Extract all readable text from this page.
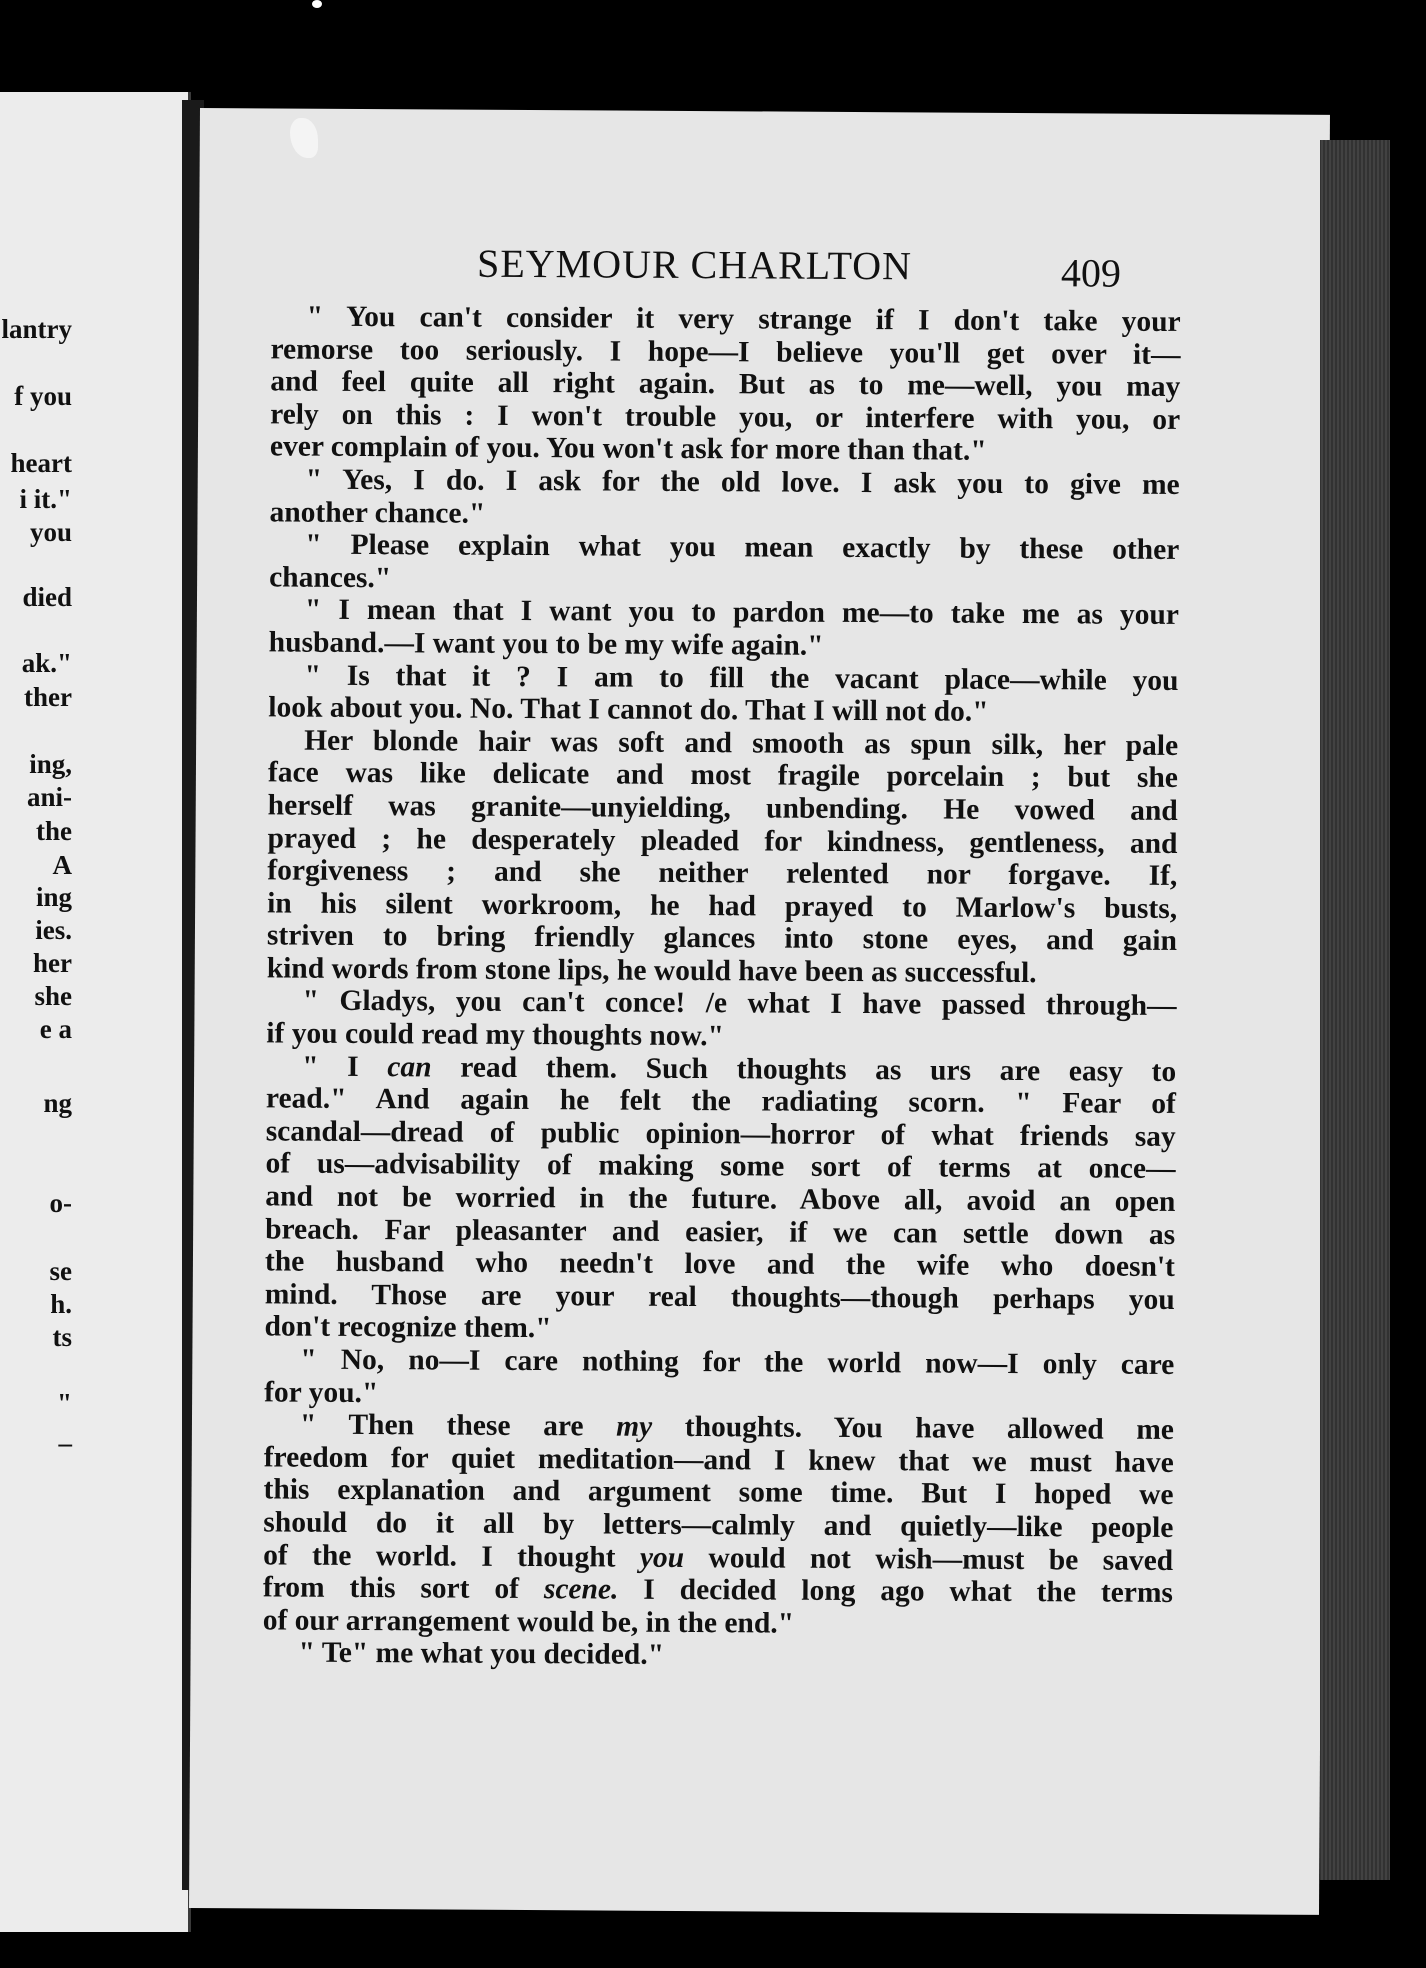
SEYMOUR CHARLTON	409
" You can't consider it very strange if I don't take your
remorse too seriously. I hope—I believe you'll get over it—
and feel quite all right again. But as to me—well, you may
rely on this : I won't trouble you, or interfere with you, or
ever complain of you. You won't ask for more than that."
" Yes, I do. I ask for the old love. I ask you to give me
another chance."
" Please explain what you mean exactly by these other
chances."
" I mean that I want you to pardon me—to take me as your
husband.—I want you to be my wife again."
" Is that it ? I am to fill the vacant place—while you
look about you. No. That I cannot do. That I will not do."
Her blonde hair was soft and smooth as spun silk, her pale
face was like delicate and most fragile porcelain ; but she
herself was granite—unyielding, unbending. He vowed and
prayed ; he desperately pleaded for kindness, gentleness, and
forgiveness ; and she neither relented nor forgave. If,
in his silent workroom, he had prayed to Marlow's busts,
striven to bring friendly glances into stone eyes, and gain
kind words from stone lips, he would have been as successful.
" Gladys, you can't conce! /e what I have passed through—
if you could read my thoughts now."
" I can read them. Such thoughts as urs are easy to
read." And again he felt the radiating scorn. " Fear of
scandal—dread of public opinion—horror of what friends say
of us—advisability of making some sort of terms at once—
and not be worried in the future. Above all, avoid an open
breach. Far pleasanter and easier, if we can settle down as
the husband who needn't love and the wife who doesn't
mind. Those are your real thoughts—though perhaps you
don't recognize them."
" No, no—I care nothing for the world now—I only care
for you."
" Then these are my thoughts. You have allowed me
freedom for quiet meditation—and I knew that we must have
this explanation and argument some time. But I hoped we
should do it all by letters—calmly and quietly—like people
of the world. I thought you would not wish—must be saved
from this sort of scene. I decided long ago what the terms
of our arrangement would be, in the end."
" Te" me what you decided."
lantry
f you
heart
i it."
you
died
ak."
ther
ing,
ani-
the
A
ing
ies.
her
she
e a
ng
o-
se
h.
ts
"
–
